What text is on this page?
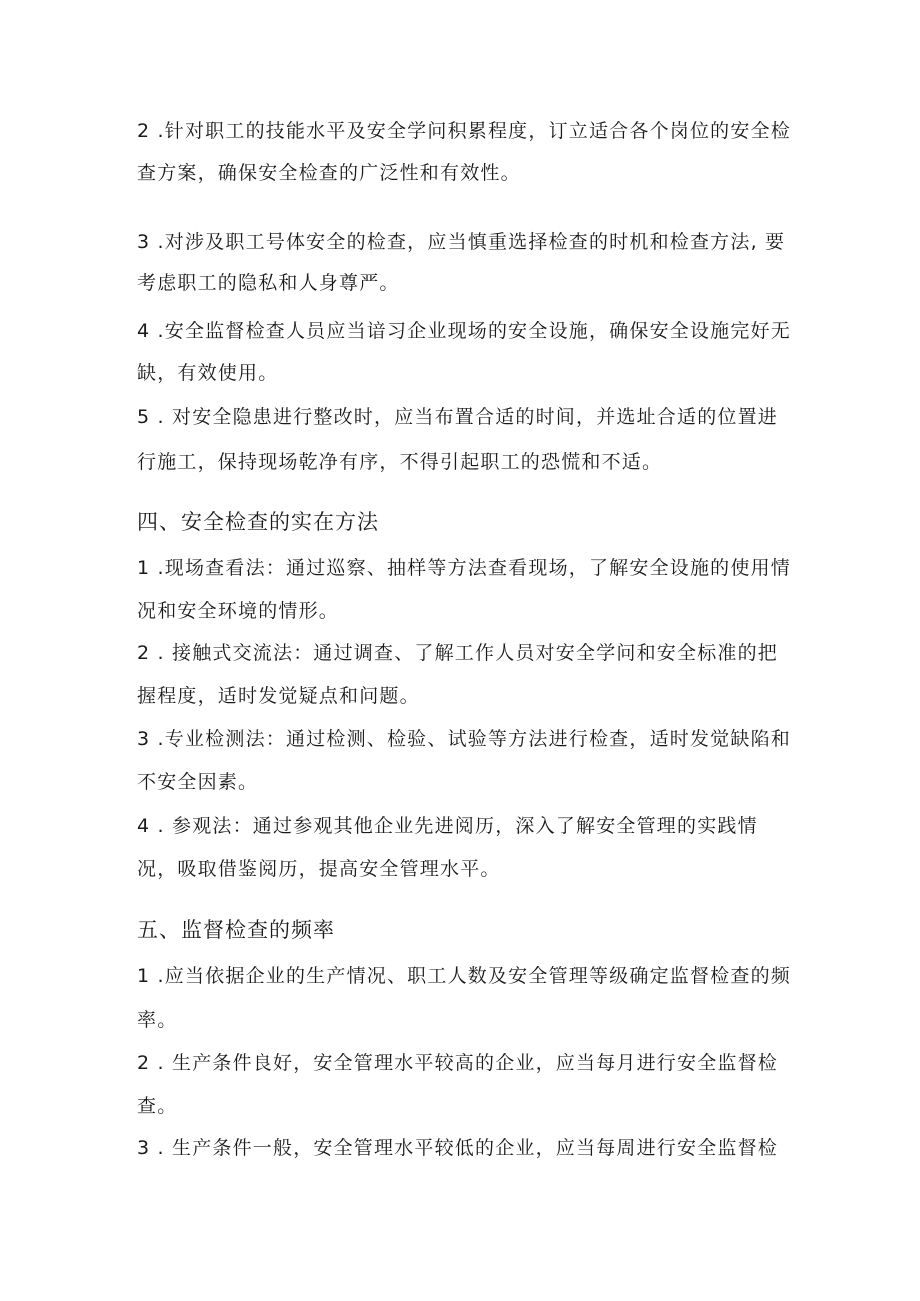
2 .针对职工的技能水平及安全学问积累程度，订立适合各个岗位的安全检
查方案，确保安全检查的广泛性和有效性。
3 .对涉及职工号体安全的检查，应当慎重选择检查的时机和检查方法, 要
考虑职工的隐私和人身尊严。
4 .安全监督检查人员应当谙习企业现场的安全设施，确保安全设施完好无
缺，有效使用。
5 . 对安全隐患进行整改时，应当布置合适的时间，并选址合适的位置进
行施工，保持现场乾净有序，不得引起职工的恐慌和不适。
四、安全检查的实在方法
1 .现场查看法：通过巡察、抽样等方法查看现场，了解安全设施的使用情
况和安全环境的情形。
2 . 接触式交流法：通过调查、了解工作人员对安全学问和安全标准的把
握程度，适时发觉疑点和问题。
3 .专业检测法：通过检测、检验、试验等方法进行检查，适时发觉缺陷和
不安全因素。
4 . 参观法：通过参观其他企业先进阅历，深入了解安全管理的实践情
况，吸取借鉴阅历，提高安全管理水平。
五、监督检查的频率
1 .应当依据企业的生产情况、职工人数及安全管理等级确定监督检查的频
率。
2 . 生产条件良好，安全管理水平较高的企业，应当每月进行安全监督检
查。
3 . 生产条件一般，安全管理水平较低的企业，应当每周进行安全监督检
